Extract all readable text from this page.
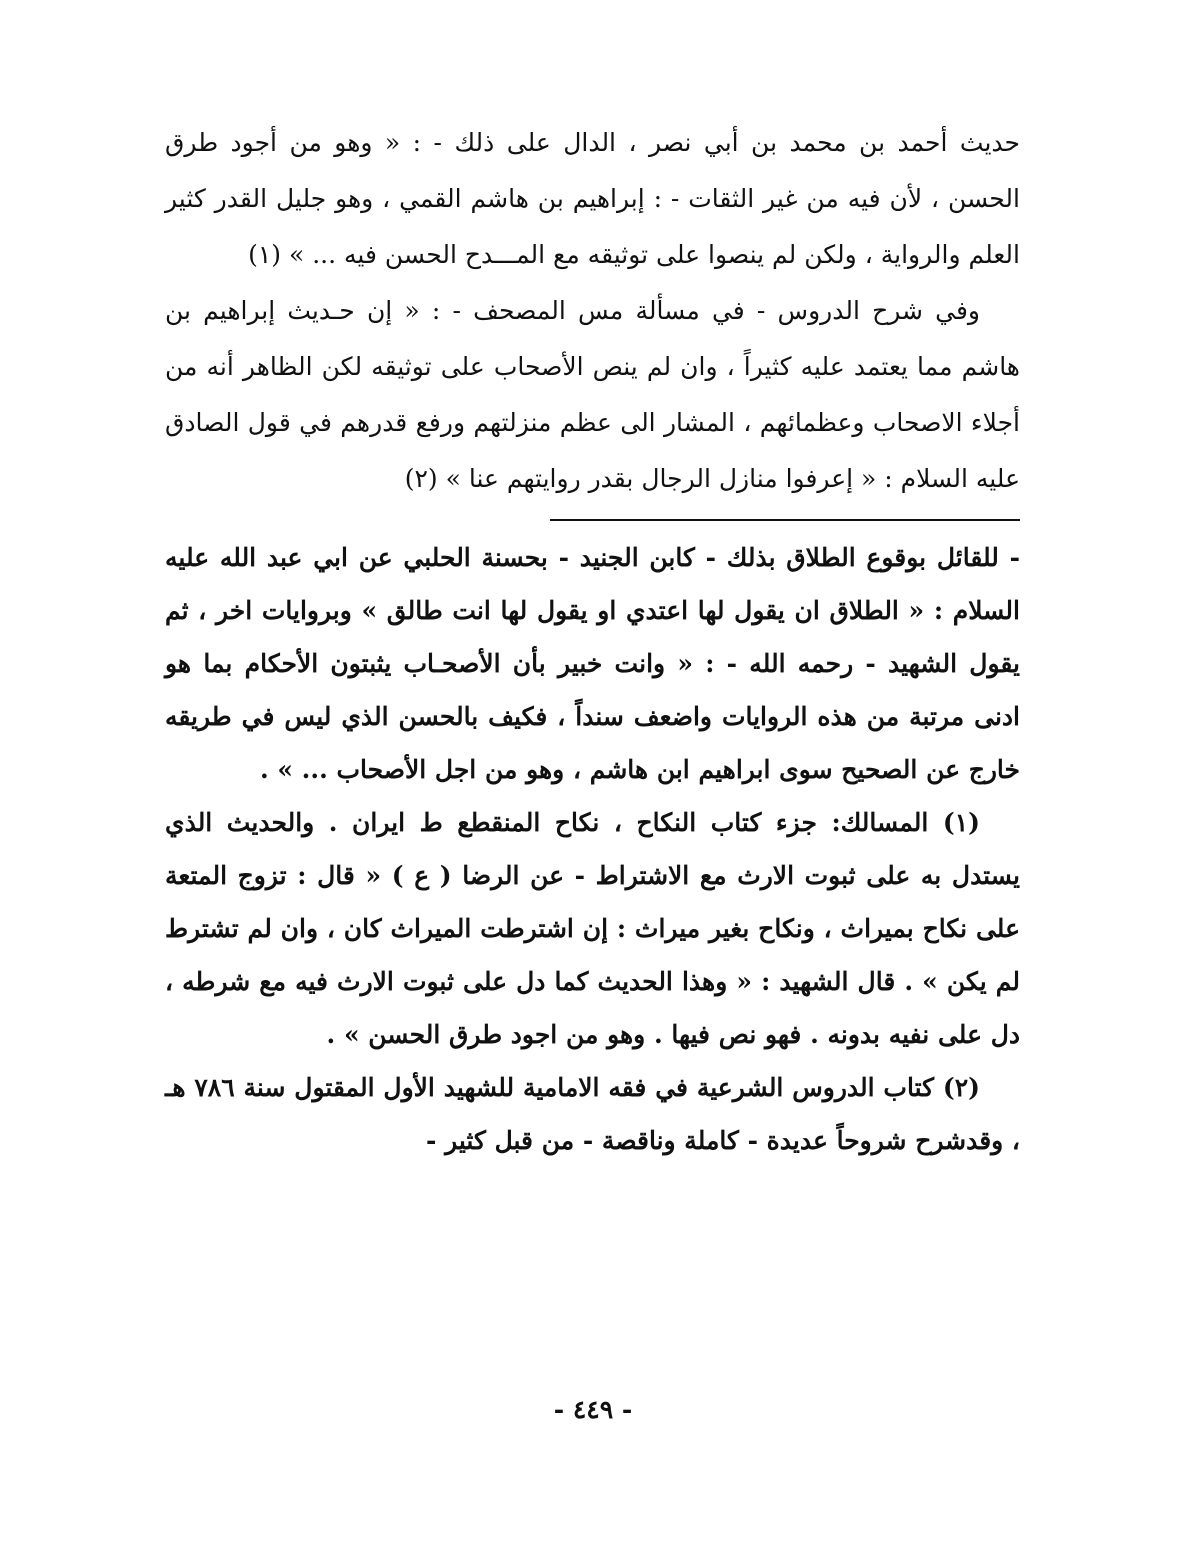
حديث أحمد بن محمد بن أبي نصر ، الدال على ذلك - : « وهو من أجود طرق الحسن ، لأن فيه من غير الثقات - : إبراهيم بن هاشم القمي ، وهو جليل القدر كثير العلم والرواية ، ولكن لم ينصوا على توثيقه مع المـــدح الحسن فيه ... » (١)

وفي شرح الدروس - في مسألة مس المصحف - : « إن حـديث إبراهيم بن هاشم مما يعتمد عليه كثيراً ، وان لم ينص الأصحاب على توثيقه لكن الظاهر أنه من أجلاء الاصحاب وعظمائهم ، المشار الى عظم منزلتهم ورفع قدرهم في قول الصادق عليه السلام : « إعرفوا منازل الرجال بقدر روايتهم عنا » (٢)

- للقائل بوقوع الطلاق بذلك - كابن الجنيد - بحسنة الحلبي عن ابي عبد الله عليه السلام : « الطلاق ان يقول لها اعتدي او يقول لها انت طالق » وبروايات اخر ، ثم يقول الشهيد - رحمه الله - : « وانت خبير بأن الأصحـاب يثبتون الأحكام بما هو ادنى مرتبة من هذه الروايات واضعف سنداً ، فكيف بالحسن الذي ليس في طريقه خارج عن الصحيح سوى ابراهيم ابن هاشم ، وهو من اجل الأصحاب ... » .

(١) المسالك: جزء كتاب النكاح ، نكاح المنقطع ط ايران . والحديث الذي يستدل به على ثبوت الارث مع الاشتراط - عن الرضا ( ع ) « قال : تزوج المتعة على نكاح بميراث ، ونكاح بغير ميراث : إن اشترطت الميراث كان ، وان لم تشترط لم يكن » . قال الشهيد : « وهذا الحديث كما دل على ثبوت الارث فيه مع شرطه ، دل على نفيه بدونه . فهو نص فيها . وهو من اجود طرق الحسن » .

(٢) كتاب الدروس الشرعية في فقه الامامية للشهيد الأول المقتول سنة ٧٨٦ هـ ، وقدشرح شروحاً عديدة - كاملة وناقصة - من قبل كثير -

- ٤٤٩ -
